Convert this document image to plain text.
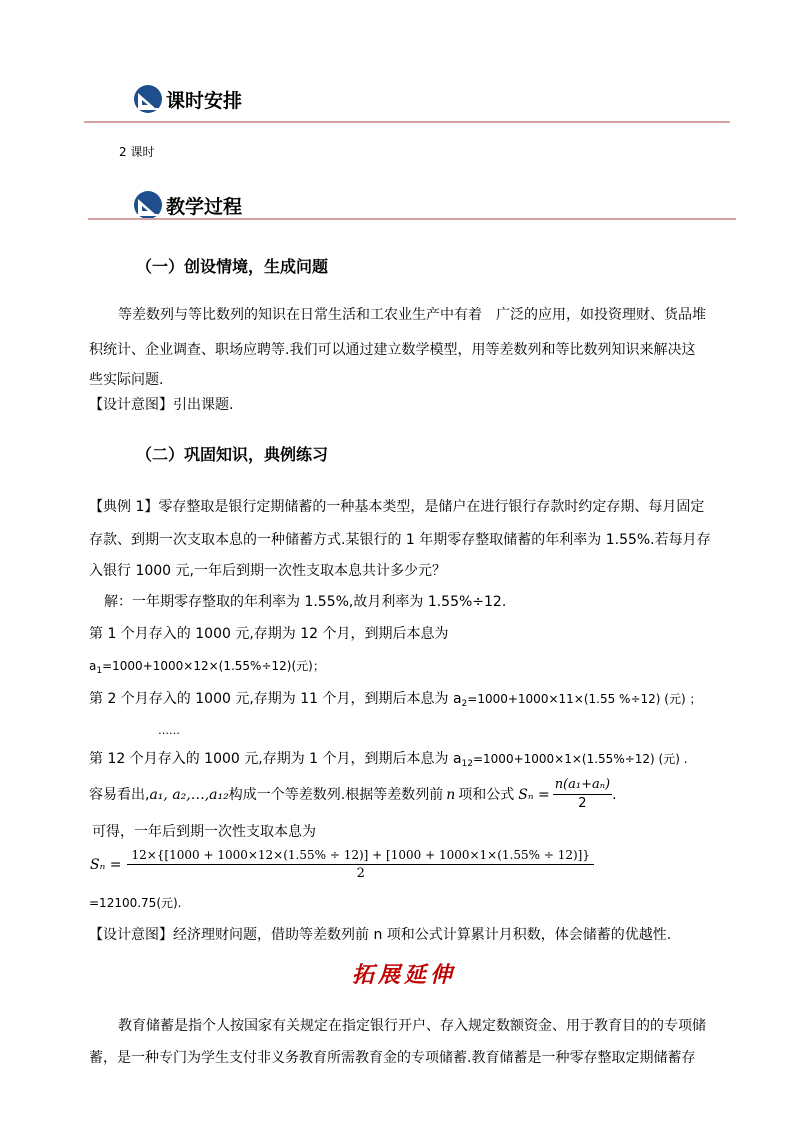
课时安排
2 课时
教学过程
（一）创设情境，生成问题
等差数列与等比数列的知识在日常生活和工农业生产中有着　广泛的应用，如投资理财、货品堆
积统计、企业调查、职场应聘等.我们可以通过建立数学模型，用等差数列和等比数列知识来解决这
些实际问题.
【设计意图】引出课题.
（二）巩固知识，典例练习
【典例 1】零存整取是银行定期储蓄的一种基本类型，是储户在进行银行存款时约定存期、每月固定
存款、到期一次支取本息的一种储蓄方式.某银行的 1 年期零存整取储蓄的年利率为 1.55%.若每月存
入银行 1000 元,一年后到期一次性支取本息共计多少元？
解：一年期零存整取的年利率为 1.55%,故月利率为 1.55%÷12.
第 1 个月存入的 1000 元,存期为 12 个月，到期后本息为
$a_1=1000+1000\times 12\times(1.55\%\div 12)$(元)；
第 2 个月存入的 1000 元,存期为 11 个月，到期后本息为 $a_2=1000+1000\times 11\times(1.55$ %÷12) (元) ；
……
第 12 个月存入的 1000 元,存期为 1 个月，到期后本息为 $a_{12}=1000+1000\times 1\times(1.55\%\div 12)$ (元) .
容易看出, a₁, a₂,…,a₁₂ 构成一个等差数列.根据等差数列前 n 项和公式 $S_n = \frac{\text{n(a₁+aₙ)}}{2}$ .
可得，一年后到期一次性支取本息为
Sₙ =
12×{[1000 + 1000×12×(1.55% ÷ 12)] + [1000 + 1000×1×(1.55% ÷ 12)]}
2
=12100.75(元).
【设计意图】经济理财问题，借助等差数列前 n 项和公式计算累计月积数，体会储蓄的优越性.
拓展延伸
教育储蓄是指个人按国家有关规定在指定银行开户、存入规定数额资金、用于教育目的的专项储
蓄，是一种专门为学生支付非义务教育所需教育金的专项储蓄.教育储蓄是一种零存整取定期储蓄存
